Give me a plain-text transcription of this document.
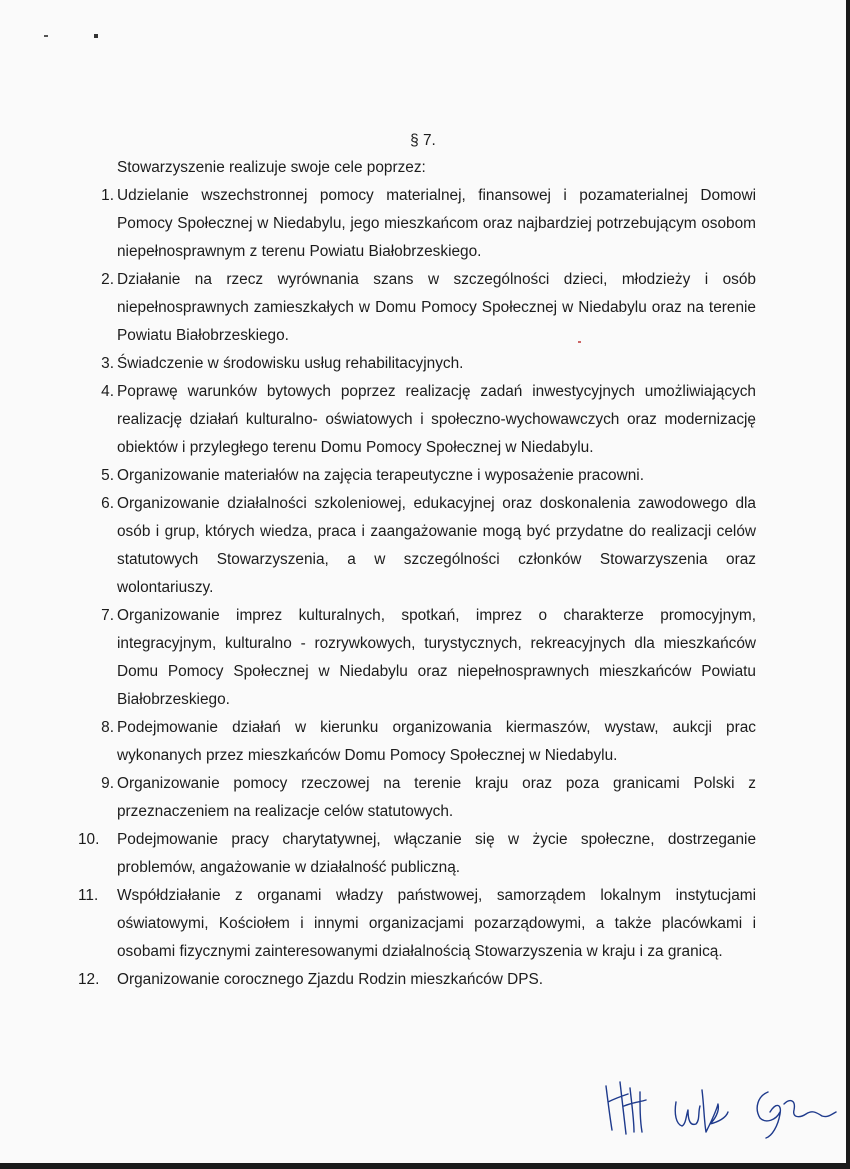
§ 7.

Stowarzyszenie realizuje swoje cele poprzez:

1. Udzielanie wszechstronnej pomocy materialnej, finansowej i pozamaterialnej Domowi Pomocy Społecznej w Niedabylu, jego mieszkańcom oraz najbardziej potrzebującym osobom niepełnosprawnym z terenu Powiatu Białobrzeskiego.
2. Działanie na rzecz wyrównania szans w szczególności dzieci, młodzieży i osób niepełnosprawnych zamieszkałych w Domu Pomocy Społecznej w Niedabylu oraz na terenie Powiatu Białobrzeskiego.
3. Świadczenie w środowisku usług rehabilitacyjnych.
4. Poprawę warunków bytowych poprzez realizację zadań inwestycyjnych umożliwiających realizację działań kulturalno- oświatowych i społeczno-wychowawczych oraz modernizację obiektów i przyległego terenu Domu Pomocy Społecznej w Niedabylu.
5. Organizowanie materiałów na zajęcia terapeutyczne i wyposażenie pracowni.
6. Organizowanie działalności szkoleniowej, edukacyjnej oraz doskonalenia zawodowego dla osób i grup, których wiedza, praca i zaangażowanie mogą być przydatne do realizacji celów statutowych Stowarzyszenia, a w szczególności członków Stowarzyszenia oraz wolontariuszy.
7. Organizowanie imprez kulturalnych, spotkań, imprez o charakterze promocyjnym, integracyjnym, kulturalno - rozrywkowych, turystycznych, rekreacyjnych dla mieszkańców Domu Pomocy Społecznej w Niedabylu oraz niepełnosprawnych mieszkańców Powiatu Białobrzeskiego.
8. Podejmowanie działań w kierunku organizowania kiermaszów, wystaw, aukcji prac wykonanych przez mieszkańców Domu Pomocy Społecznej w Niedabylu.
9. Organizowanie pomocy rzeczowej na terenie kraju oraz poza granicami Polski z przeznaczeniem na realizacje celów statutowych.
10.	Podejmowanie pracy charytatywnej, włączanie się w życie społeczne, dostrzeganie problemów, angażowanie w działalność publiczną.
11.	Współdziałanie z organami władzy państwowej, samorządem lokalnym instytucjami oświatowymi, Kościołem i innymi organizacjami pozarządowymi, a także placówkami i osobami fizycznymi zainteresowanymi działalnością Stowarzyszenia w kraju i za granicą.
12.	Organizowanie corocznego Zjazdu Rodzin mieszkańców DPS.
